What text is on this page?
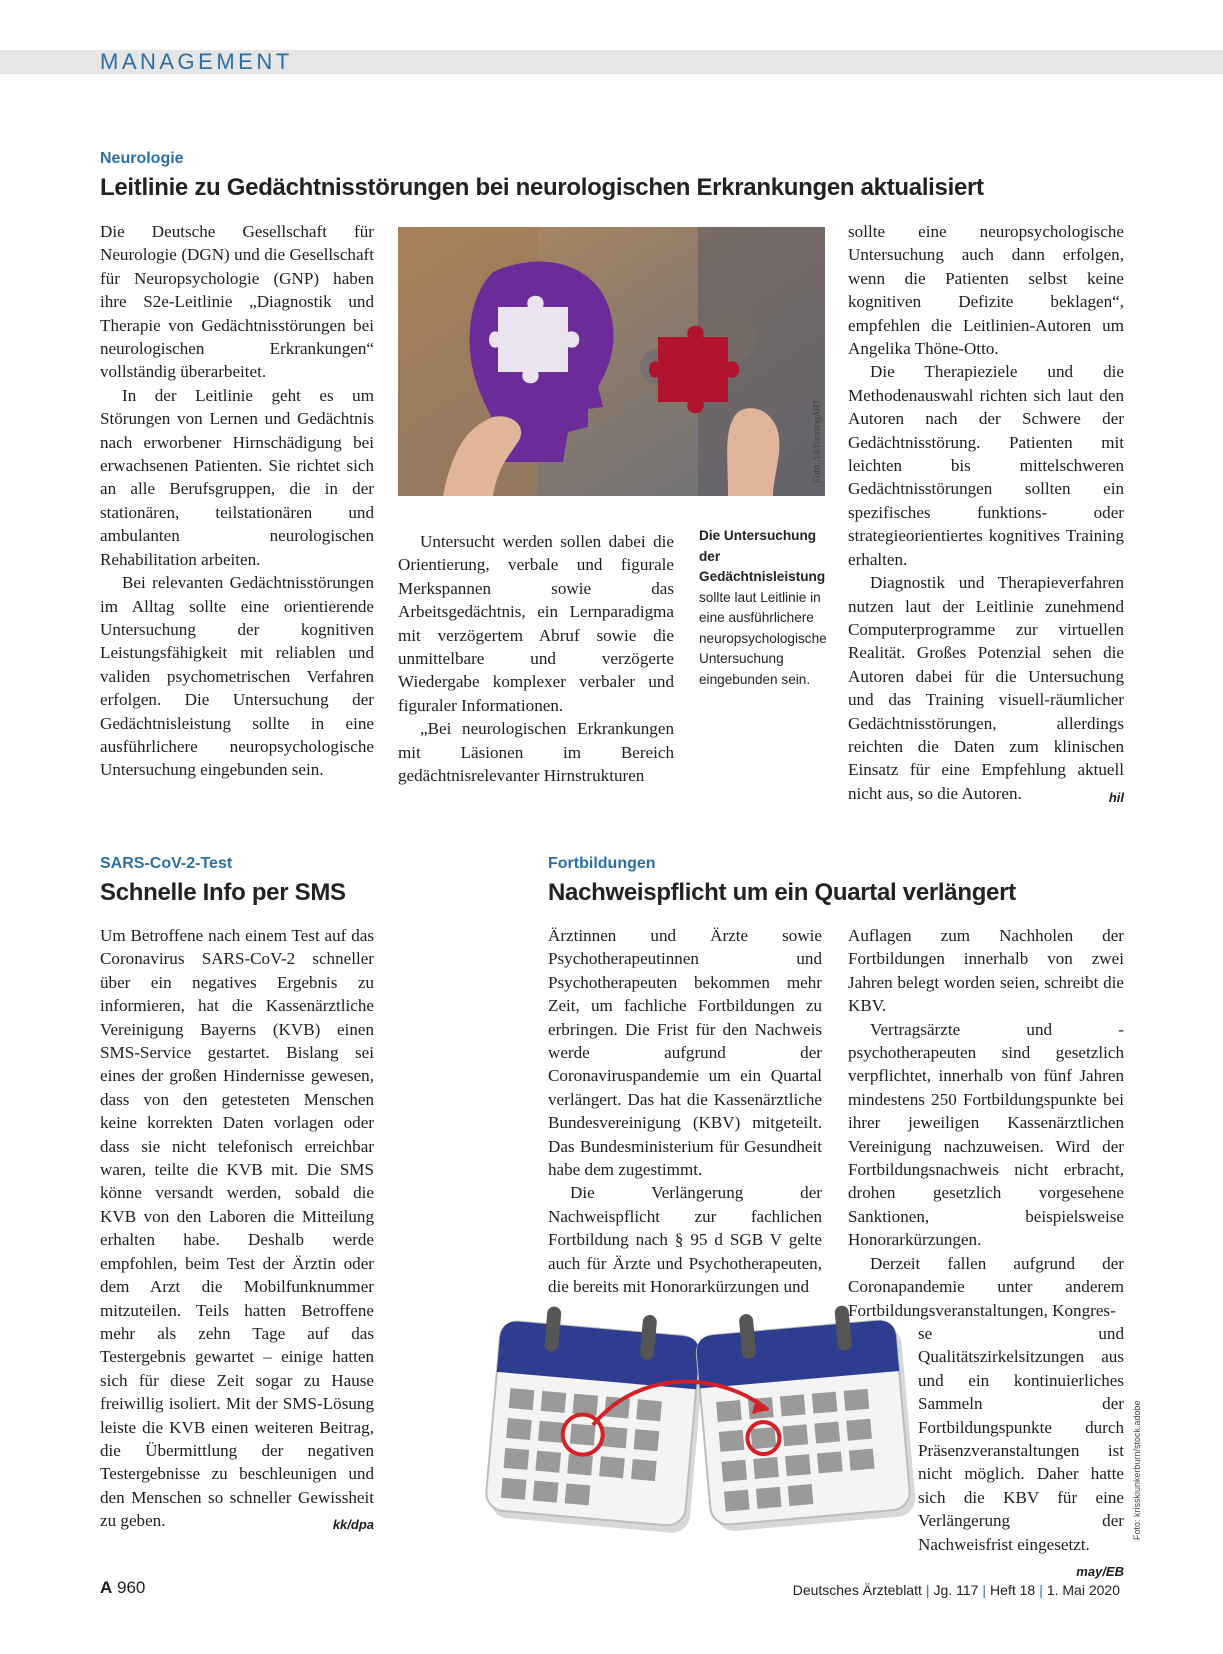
MANAGEMENT
Neurologie
Leitlinie zu Gedächtnisstörungen bei neurologischen Erkrankungen aktualisiert

Die Deutsche Gesellschaft für Neurologie (DGN) und die Gesellschaft für Neuropsychologie (GNP) haben ihre S2e-Leitlinie „Diagnostik und Therapie von Gedächtnisstörungen bei neurologischen Erkrankungen“ vollständig überarbeitet.

In der Leitlinie geht es um Störungen von Lernen und Gedächtnis nach erworbener Hirnschädigung bei erwachsenen Patienten. Sie richtet sich an alle Berufsgruppen, die in der stationären, teilstationären und ambulanten neurologischen Rehabilitation arbeiten.

Bei relevanten Gedächtnisstörungen im Alltag sollte eine orientierende Untersuchung der kognitiven Leistungsfähigkeit mit reliablen und validen psychometrischen Verfahren erfolgen. Die Untersuchung der Gedächtnisleistung sollte in eine ausführlichere neuropsychologische Untersuchung eingebunden sein.

Foto: 1STunningART

Untersucht werden sollen dabei die Orientierung, verbale und figurale Merkspannen sowie das Arbeitsgedächtnis, ein Lernparadigma mit verzögertem Abruf sowie die unmittelbare und verzögerte Wiedergabe komplexer verbaler und figuraler Informationen.

„Bei neurologischen Erkrankungen mit Läsionen im Bereich gedächtnisrelevanter Hirnstrukturen

Die Untersuchung der Gedächtnisleistung sollte laut Leitlinie in eine ausführlichere neuropsychologische Untersuchung eingebunden sein.

sollte eine neuropsychologische Untersuchung auch dann erfolgen, wenn die Patienten selbst keine kognitiven Defizite beklagen“, empfehlen die Leitlinien-Autoren um Angelika Thöne-Otto.

Die Therapieziele und die Methodenauswahl richten sich laut den Autoren nach der Schwere der Gedächtnisstörung. Patienten mit leichten bis mittelschweren Gedächtnisstörungen sollten ein spezifisches funktions- oder strategieorientiertes kognitives Training erhalten.

Diagnostik und Therapieverfahren nutzen laut der Leitlinie zunehmend Computerprogramme zur virtuellen Realität. Großes Potenzial sehen die Autoren dabei für die Untersuchung und das Training visuell-räumlicher Gedächtnisstörungen, allerdings reichten die Daten zum klinischen Einsatz für eine Empfehlung aktuell nicht aus, so die Autoren.	hil

SARS-CoV-2-Test
Schnelle Info per SMS

Um Betroffene nach einem Test auf das Coronavirus SARS-CoV-2 schneller über ein negatives Ergebnis zu informieren, hat die Kassenärztliche Vereinigung Bayerns (KVB) einen SMS-Service gestartet. Bislang sei eines der großen Hindernisse gewesen, dass von den getesteten Menschen keine korrekten Daten vorlagen oder dass sie nicht telefonisch erreichbar waren, teilte die KVB mit. Die SMS könne versandt werden, sobald die KVB von den Laboren die Mitteilung erhalten habe. Deshalb werde empfohlen, beim Test der Ärztin oder dem Arzt die Mobilfunknummer mitzuteilen. Teils hatten Betroffene mehr als zehn Tage auf das Testergebnis gewartet – einige hatten sich für diese Zeit sogar zu Hause freiwillig isoliert. Mit der SMS-Lösung leiste die KVB einen weiteren Beitrag, die Übermittlung der negativen Testergebnisse zu beschleunigen und den Menschen so schneller Gewissheit zu geben.	kk/dpa

Fortbildungen
Nachweispflicht um ein Quartal verlängert

Ärztinnen und Ärzte sowie Psychotherapeutinnen und Psychotherapeuten bekommen mehr Zeit, um fachliche Fortbildungen zu erbringen. Die Frist für den Nachweis werde aufgrund der Coronaviruspandemie um ein Quartal verlängert. Das hat die Kassenärztliche Bundesvereinigung (KBV) mitgeteilt. Das Bundesministerium für Gesundheit habe dem zugestimmt.

Die Verlängerung der Nachweispflicht zur fachlichen Fortbildung nach § 95 d SGB V gelte auch für Ärzte und Psychotherapeuten, die bereits mit Honorarkürzungen und

Auflagen zum Nachholen der Fortbildungen innerhalb von zwei Jahren belegt worden seien, schreibt die KBV.

Vertragsärzte und -psychotherapeuten sind gesetzlich verpflichtet, innerhalb von fünf Jahren mindestens 250 Fortbildungspunkte bei ihrer jeweiligen Kassenärztlichen Vereinigung nachzuweisen. Wird der Fortbildungsnachweis nicht erbracht, drohen gesetzlich vorgesehene Sanktionen, beispielsweise Honorarkürzungen.

Derzeit fallen aufgrund der Coronapandemie unter anderem Fortbildungsveranstaltungen, Kongres-

se und Qualitätszirkelsitzungen aus und ein kontinuierliches Sammeln der Fortbildungspunkte durch Präsenzveranstaltungen ist nicht möglich. Daher hatte sich die KBV für eine Verlängerung der Nachweisfrist eingesetzt.
may/EB

Foto: krisskiunkerburn/stock.adobe
A 960	Deutsches Ärzteblatt | Jg. 117 | Heft 18 | 1. Mai 2020
